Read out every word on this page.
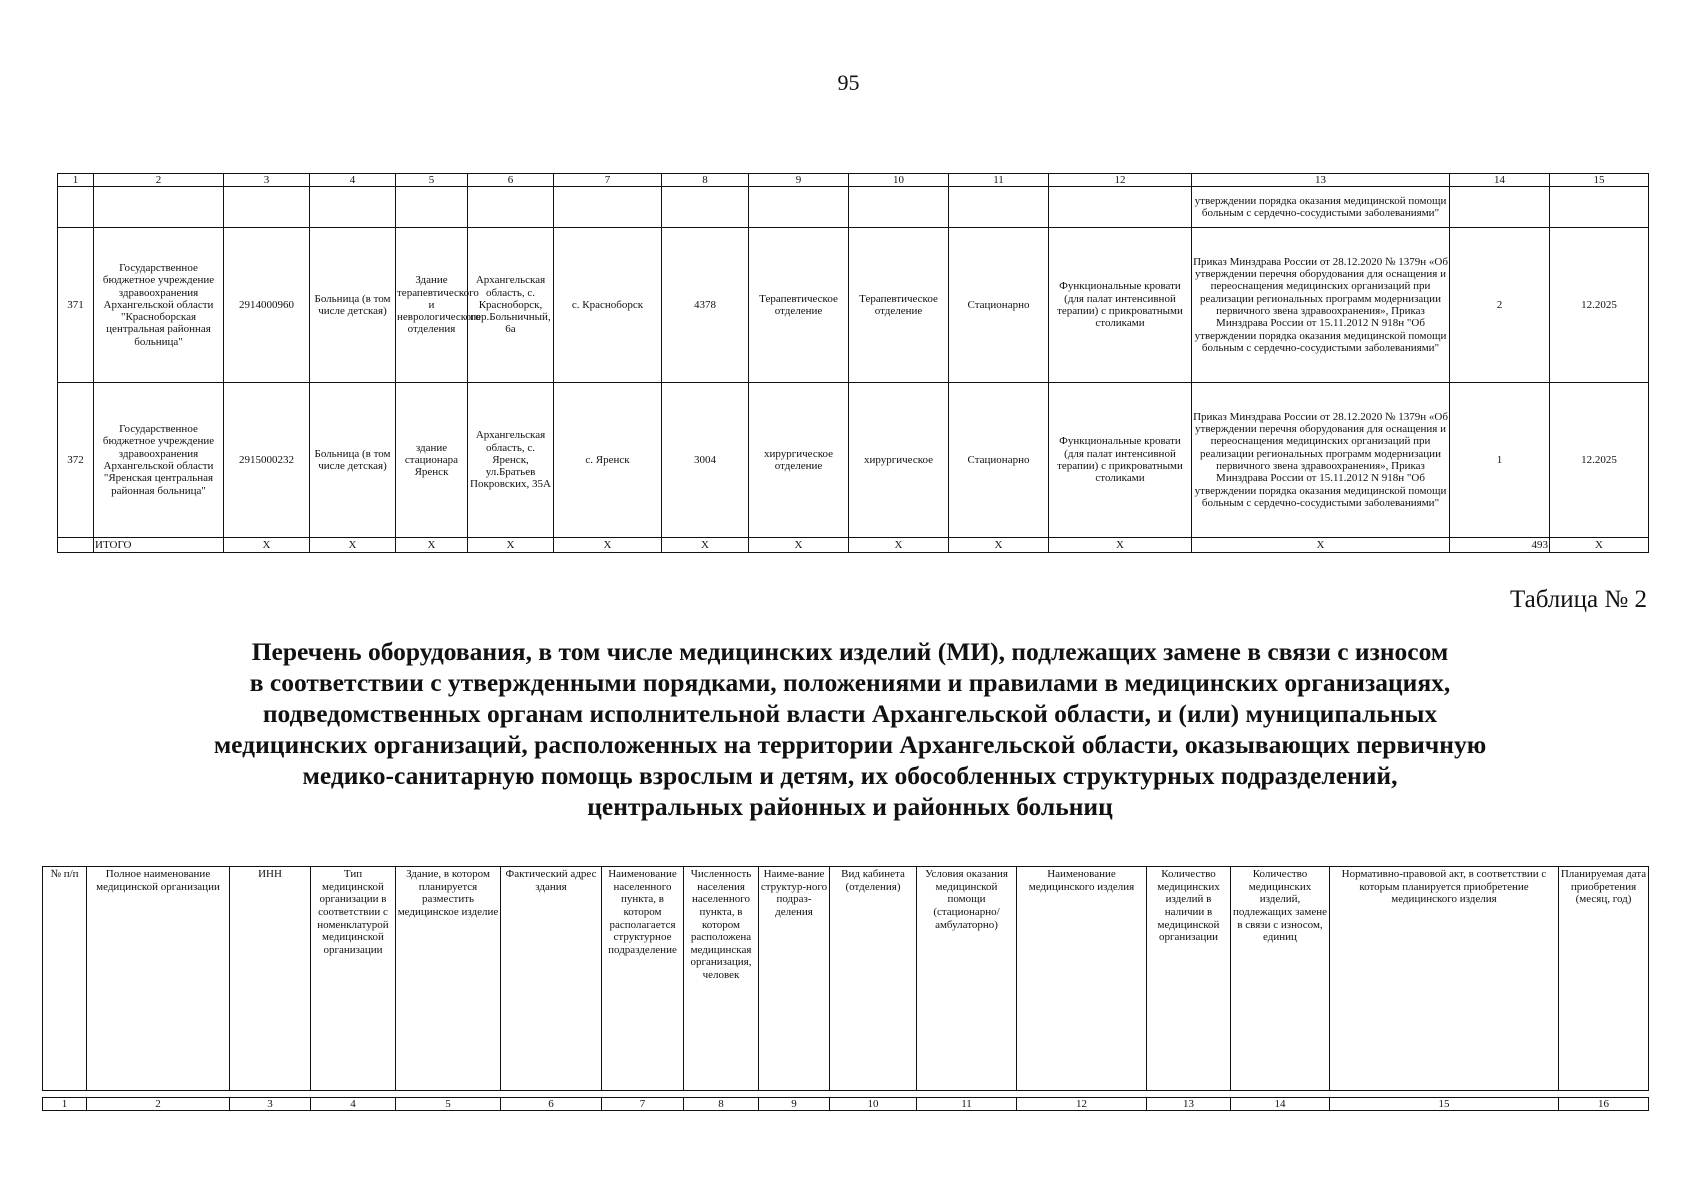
95
1	2	3	4	5	6	7	8	9	10	11	12	13	14	15
												утверждении порядка оказания медицинской помощи больным с сердечно-сосудистыми заболеваниями"		
371	Государственное бюджетное учреждение здравоохранения Архангельской области "Красноборская центральная районная больница"	2914000960	Больница (в том числе детская)	Здание терапевтического и неврологического отделения	Архангельская область, с. Красноборск, пер.Больничный, 6а	с. Красноборск	4378	Терапевтическое отделение	Терапевтическое отделение	Стационарно	Функциональные кровати (для палат интенсивной терапии) с прикроватными столиками	Приказ Минздрава России от 28.12.2020 № 1379н «Об утверждении перечня оборудования для оснащения и переоснащения медицинских организаций при реализации региональных программ модернизации первичного звена здравоохранения», Приказ Минздрава России от 15.11.2012 N 918н "Об утверждении порядка оказания медицинской помощи больным с сердечно-сосудистыми заболеваниями"	2	12.2025
372	Государственное бюджетное учреждение здравоохранения Архангельской области "Яренская центральная районная больница"	2915000232	Больница (в том числе детская)	здание стационара Яренск	Архангельская область, с. Яренск, ул.Братьев Покровских, 35А	с. Яренск	3004	хирургическое отделение	хирургическое	Стационарно	Функциональные кровати (для палат интенсивной терапии) с прикроватными столиками	Приказ Минздрава России от 28.12.2020 № 1379н «Об утверждении перечня оборудования для оснащения и переоснащения медицинских организаций при реализации региональных программ модернизации первичного звена здравоохранения», Приказ Минздрава России от 15.11.2012 N 918н "Об утверждении порядка оказания медицинской помощи больным с сердечно-сосудистыми заболеваниями"	1	12.2025
	ИТОГО	Х	Х	Х	Х	Х	Х	Х	Х	Х	Х	Х	493	Х
Таблица № 2
Перечень оборудования, в том числе медицинских изделий (МИ), подлежащих замене в связи с износом
в соответствии с утвержденными порядками, положениями и правилами в медицинских организациях,
подведомственных органам исполнительной власти Архангельской области, и (или) муниципальных
медицинских организаций, расположенных на территории Архангельской области, оказывающих первичную
медико-санитарную помощь взрослым и детям, их обособленных структурных подразделений,
центральных районных и районных больниц
№ п/п	Полное наименование медицинской организации	ИНН	Тип медицинской организации в соответствии с номенклатурой медицинской организации	Здание, в котором планируется разместить медицинское изделие	Фактический адрес здания	Наименование населенного пункта, в котором располагается структурное подразделение	Численность населения населенного пункта, в котором расположена медицинская организация, человек	Наиме-вание структур-ного подраз-деления	Вид кабинета (отделения)	Условия оказания медицинской помощи (стационарно/ амбулаторно)	Наименование медицинского изделия	Количество медицинских изделий в наличии в медицинской организации	Количество медицинских изделий, подлежащих замене в связи с износом, единиц	Нормативно-правовой акт, в соответствии с которым планируется приобретение медицинского изделия	Планируемая дата приобретения (месяц, год)
1	2	3	4	5	6	7	8	9	10	11	12	13	14	15	16
